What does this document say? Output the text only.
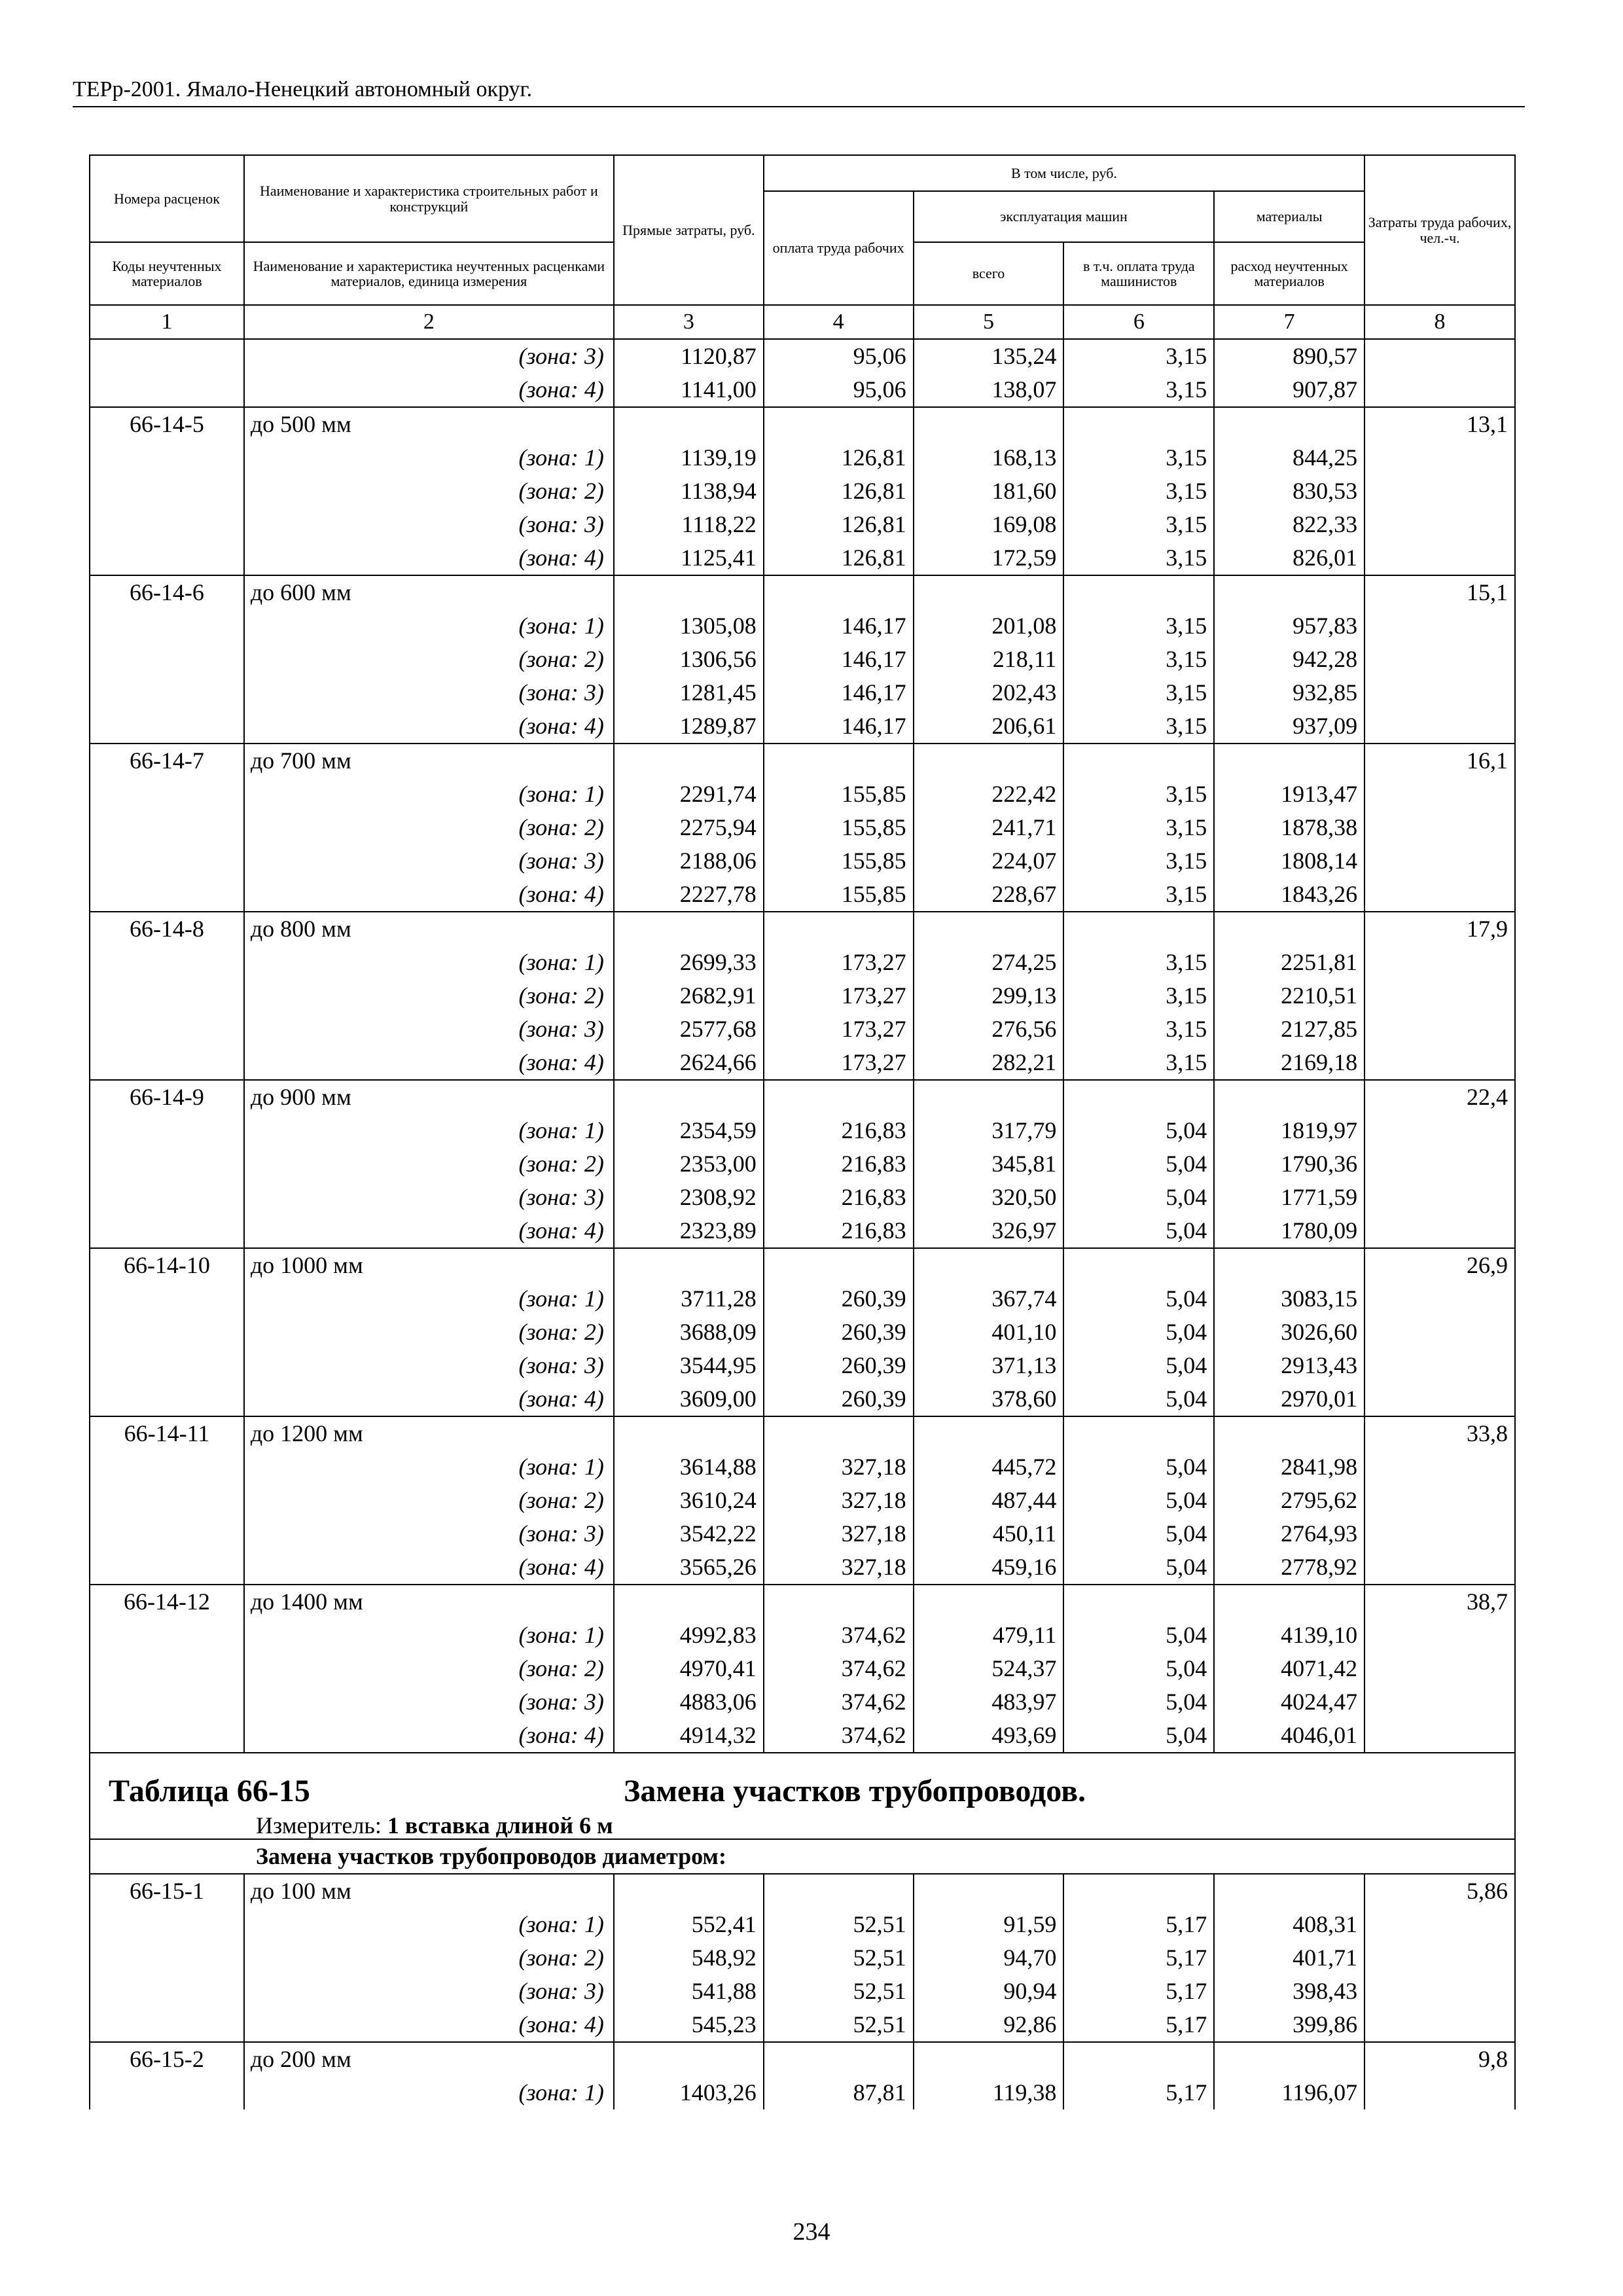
ТЕРр-2001. Ямало-Ненецкий автономный округ.
Номера расценок	Наименование и характеристика строительных работ и конструкций	Прямые затраты, руб.	В том числе, руб.				Затраты труда рабочих, чел.-ч.
			оплата труда рабочих	эксплуатация машин		материалы	
Коды неучтенных материалов	Наименование и характеристика неучтенных расценками материалов, единица измерения			всего	в т.ч. оплата труда машинистов	расход неучтенных материалов	
1	2	3	4	5	6	7	8
	(зона: 3)	1120,87	95,06	135,24	3,15	890,57	
	(зона: 4)	1141,00	95,06	138,07	3,15	907,87	
66-14-5	до 500 мм						13,1
	(зона: 1)	1139,19	126,81	168,13	3,15	844,25	
	(зона: 2)	1138,94	126,81	181,60	3,15	830,53	
	(зона: 3)	1118,22	126,81	169,08	3,15	822,33	
	(зона: 4)	1125,41	126,81	172,59	3,15	826,01	
66-14-6	до 600 мм						15,1
	(зона: 1)	1305,08	146,17	201,08	3,15	957,83	
	(зона: 2)	1306,56	146,17	218,11	3,15	942,28	
	(зона: 3)	1281,45	146,17	202,43	3,15	932,85	
	(зона: 4)	1289,87	146,17	206,61	3,15	937,09	
66-14-7	до 700 мм						16,1
	(зона: 1)	2291,74	155,85	222,42	3,15	1913,47	
	(зона: 2)	2275,94	155,85	241,71	3,15	1878,38	
	(зона: 3)	2188,06	155,85	224,07	3,15	1808,14	
	(зона: 4)	2227,78	155,85	228,67	3,15	1843,26	
66-14-8	до 800 мм						17,9
	(зона: 1)	2699,33	173,27	274,25	3,15	2251,81	
	(зона: 2)	2682,91	173,27	299,13	3,15	2210,51	
	(зона: 3)	2577,68	173,27	276,56	3,15	2127,85	
	(зона: 4)	2624,66	173,27	282,21	3,15	2169,18	
66-14-9	до 900 мм						22,4
	(зона: 1)	2354,59	216,83	317,79	5,04	1819,97	
	(зона: 2)	2353,00	216,83	345,81	5,04	1790,36	
	(зона: 3)	2308,92	216,83	320,50	5,04	1771,59	
	(зона: 4)	2323,89	216,83	326,97	5,04	1780,09	
66-14-10	до 1000 мм						26,9
	(зона: 1)	3711,28	260,39	367,74	5,04	3083,15	
	(зона: 2)	3688,09	260,39	401,10	5,04	3026,60	
	(зона: 3)	3544,95	260,39	371,13	5,04	2913,43	
	(зона: 4)	3609,00	260,39	378,60	5,04	2970,01	
66-14-11	до 1200 мм						33,8
	(зона: 1)	3614,88	327,18	445,72	5,04	2841,98	
	(зона: 2)	3610,24	327,18	487,44	5,04	2795,62	
	(зона: 3)	3542,22	327,18	450,11	5,04	2764,93	
	(зона: 4)	3565,26	327,18	459,16	5,04	2778,92	
66-14-12	до 1400 мм						38,7
	(зона: 1)	4992,83	374,62	479,11	5,04	4139,10	
	(зона: 2)	4970,41	374,62	524,37	5,04	4071,42	
	(зона: 3)	4883,06	374,62	483,97	5,04	4024,47	
	(зона: 4)	4914,32	374,62	493,69	5,04	4046,01	

Таблица 66-15 Замена участков трубопроводов.
Измеритель: 1 вставка длиной 6 м							

Замена участков трубопроводов диаметром:							
66-15-1	до 100 мм						5,86
	(зона: 1)	552,41	52,51	91,59	5,17	408,31	
	(зона: 2)	548,92	52,51	94,70	5,17	401,71	
	(зона: 3)	541,88	52,51	90,94	5,17	398,43	
	(зона: 4)	545,23	52,51	92,86	5,17	399,86	
66-15-2	до 200 мм						9,8
	(зона: 1)	1403,26	87,81	119,38	5,17	1196,07	
234
